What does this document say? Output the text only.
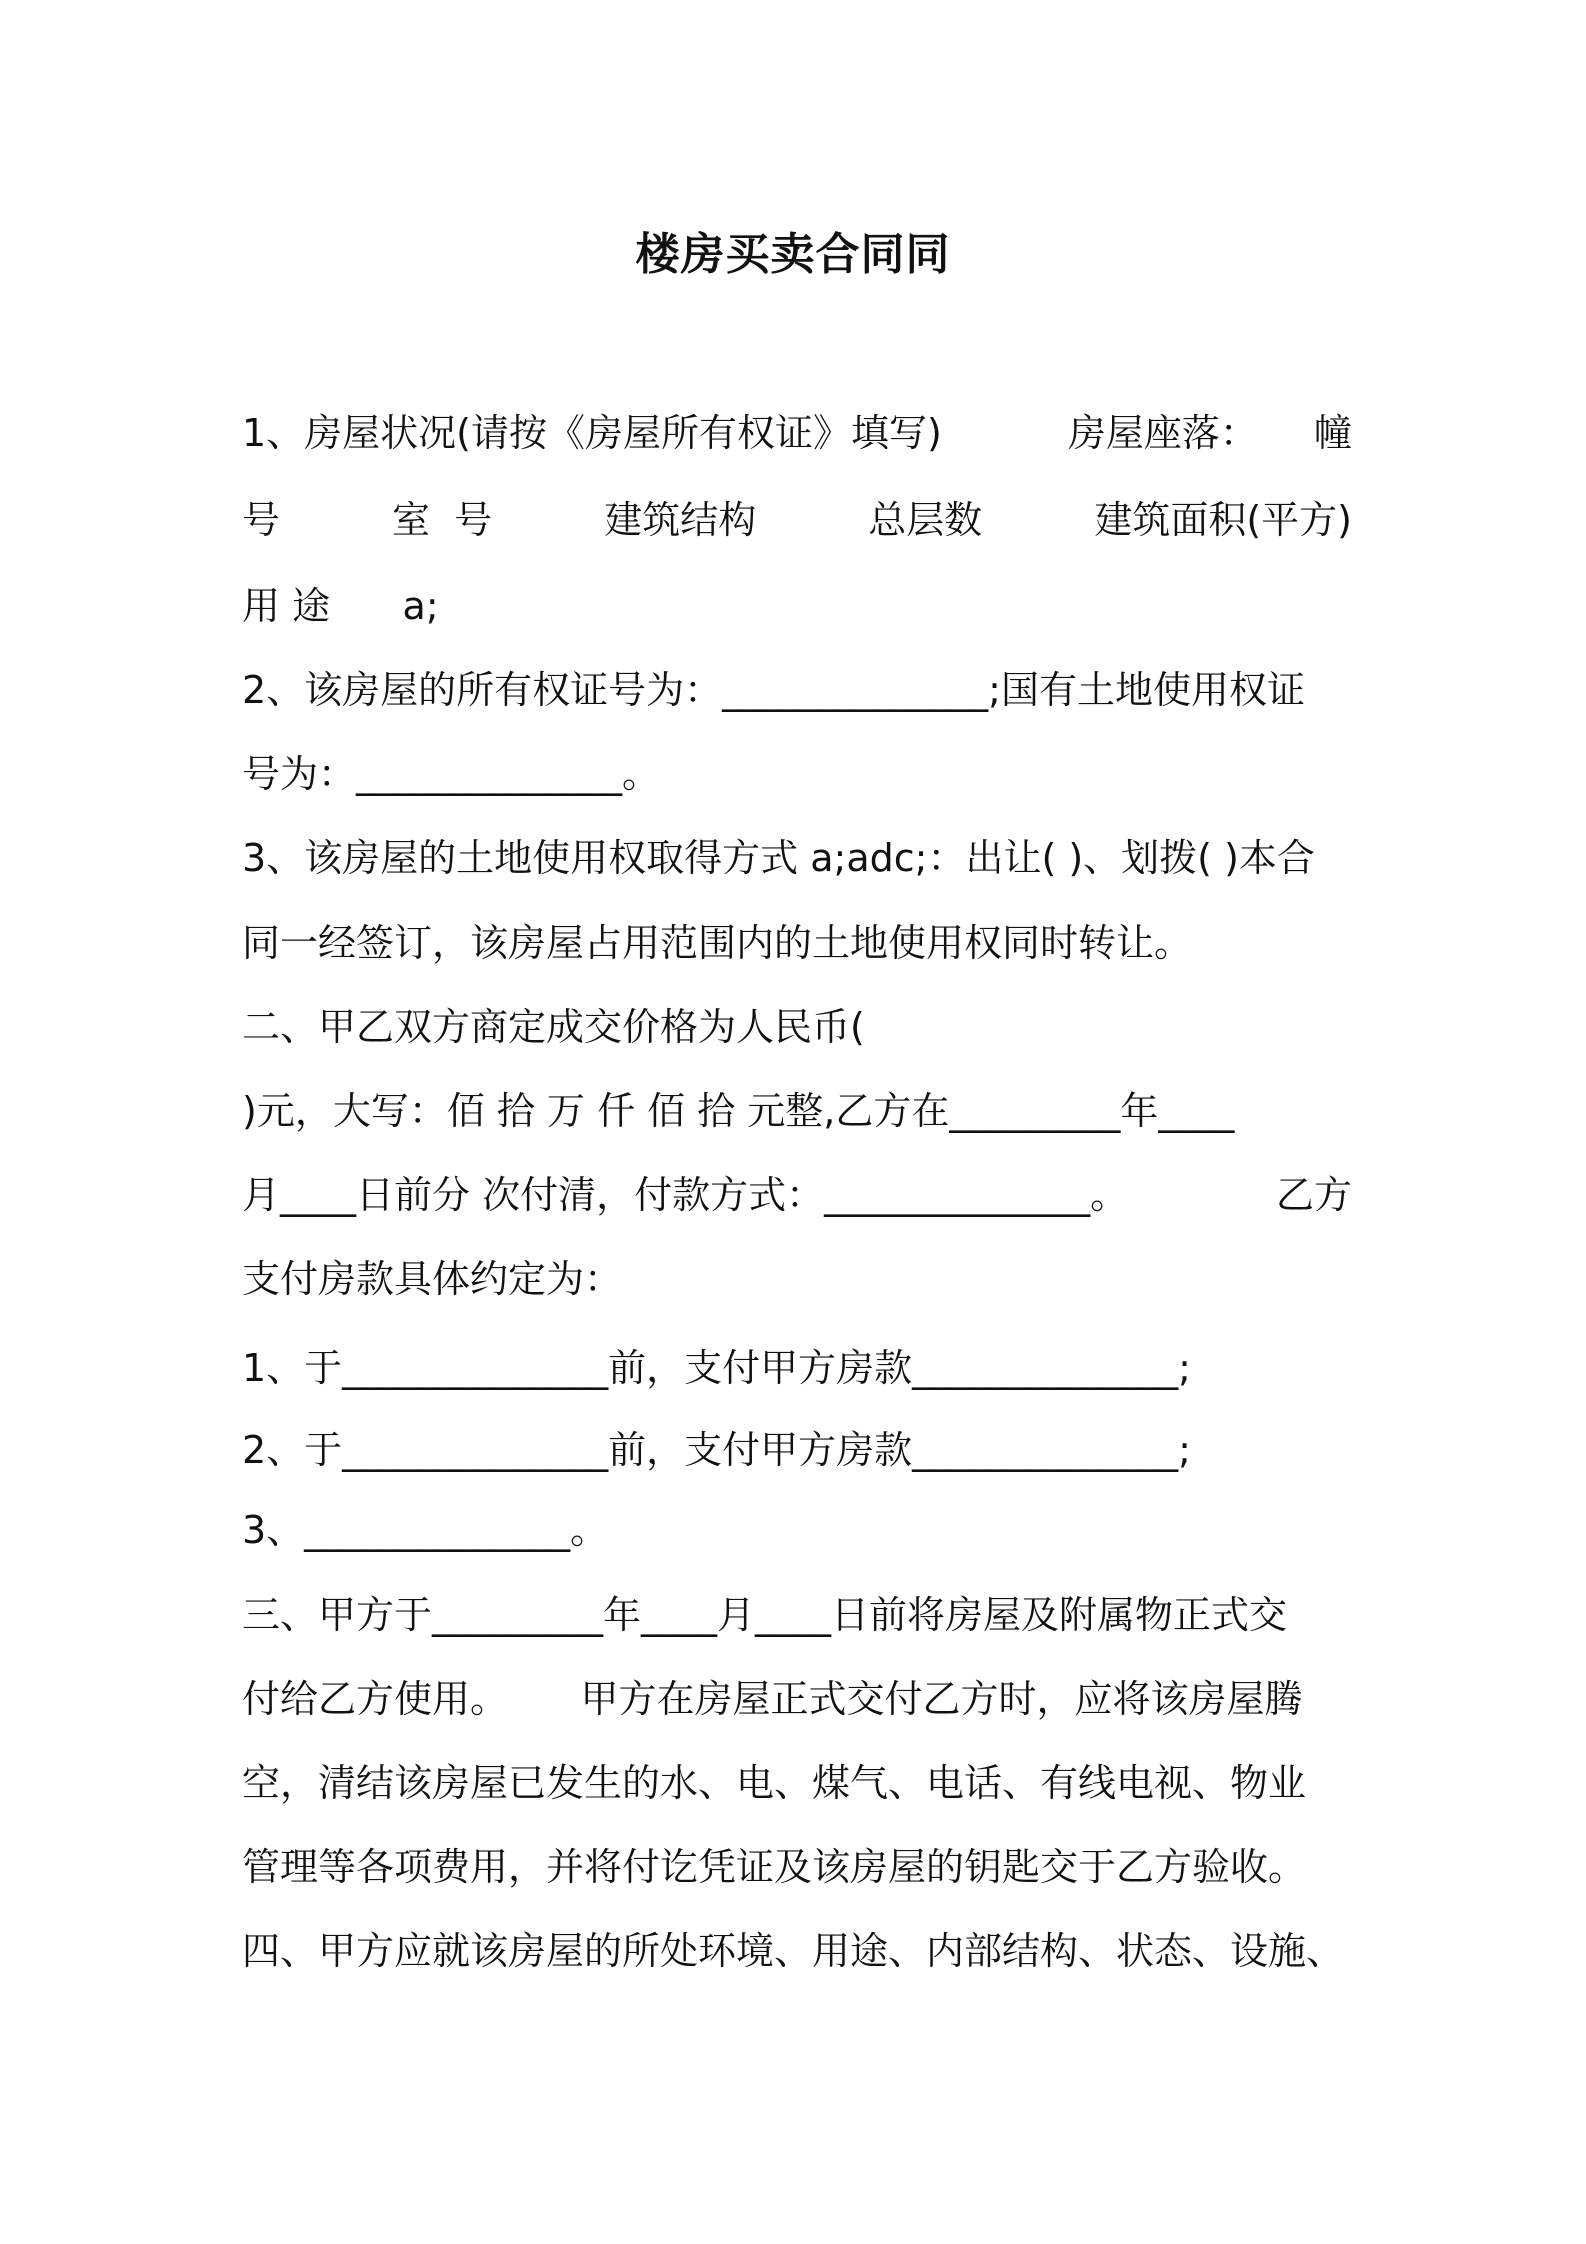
楼房买卖合同同
1、房屋状况(请按《房屋所有权证》填写)	房屋座落： 幢
号	室  号	建筑结构	总层数	建筑面积(平方)
用 途      a;
2、该房屋的所有权证号为：______________;国有土地使用权证
号为：______________。
3、该房屋的土地使用权取得方式 a;adc;：出让( )、划拨( )本合
同一经签订，该房屋占用范围内的土地使用权同时转让。
二、甲乙双方商定成交价格为人民币(
)元，大写：佰 拾 万 仟 佰 拾 元整,乙方在_________年____
月____日前分 次付清，付款方式：______________。	乙方
支付房款具体约定为：
1、于______________前，支付甲方房款______________;
2、于______________前，支付甲方房款______________;
3、______________。
三、甲方于_________年____月____日前将房屋及附属物正式交
付给乙方使用。      甲方在房屋正式交付乙方时，应将该房屋腾
空，清结该房屋已发生的水、电、煤气、电话、有线电视、物业
管理等各项费用，并将付讫凭证及该房屋的钥匙交于乙方验收。
四、甲方应就该房屋的所处环境、用途、内部结构、状态、设施、
